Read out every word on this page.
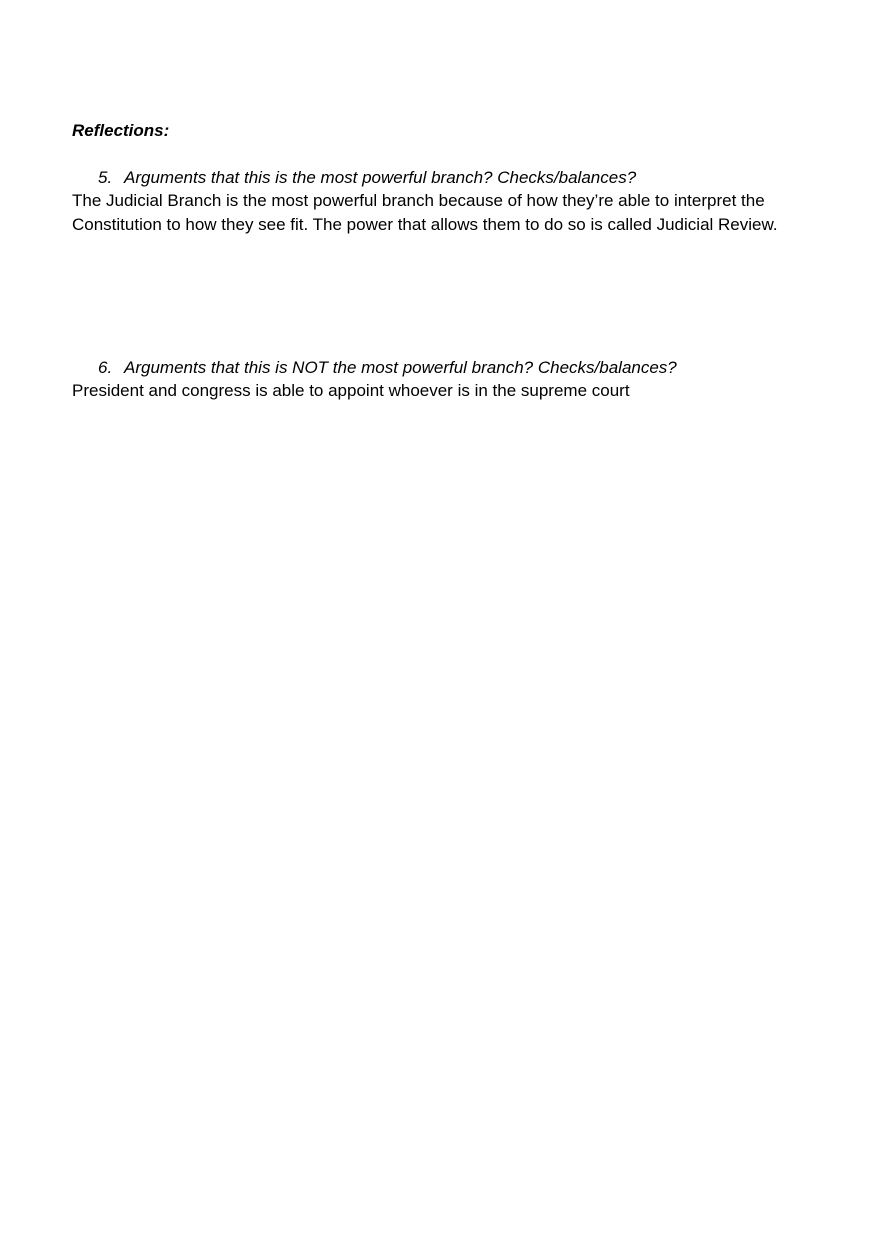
Reflections:
5. Arguments that this is the most powerful branch? Checks/balances?
The Judicial Branch is the most powerful branch because of how they’re able to interpret the Constitution to how they see fit. The power that allows them to do so is called Judicial Review.
6. Arguments that this is NOT the most powerful branch? Checks/balances?
President and congress is able to appoint whoever is in the supreme court
